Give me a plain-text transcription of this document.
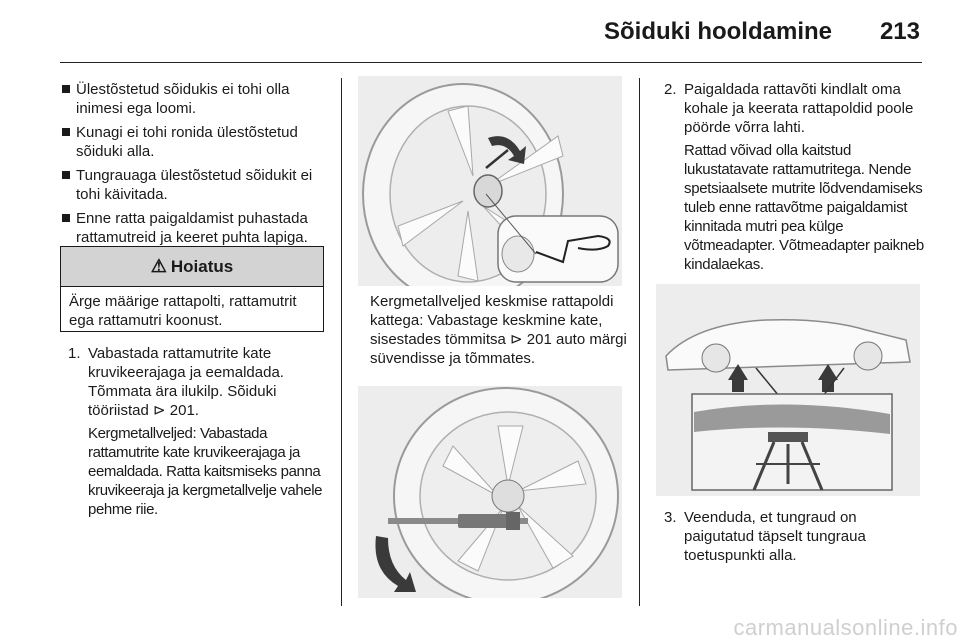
Sõiduki hooldamine 213
Ülestõstetud sõidukis ei tohi olla inimesi ega loomi.
Kunagi ei tohi ronida ülestõstetud sõiduki alla.
Tungrauaga ülestõstetud sõidukit ei tohi käivitada.
Enne ratta paigaldamist puhastada rattamutreid ja keeret puhta lapiga.
⚠ Hoiatus
Ärge määrige rattapolti, rattamutrit ega rattamutri koonust.
1. Vabastada rattamutrite kate kruvikeerajaga ja eemaldada. Tõmmata ära ilukilp. Sõiduki tööriistad ⊳ 201.

Kergmetallveljed: Vabastada rattamutrite kate kruvikeerajaga ja eemaldada. Ratta kaitsmiseks panna kruvikeeraja ja kergmetallvelje vahele pehme riie.

Kergmetallveljed keskmise rattapoldi kattega: Vabastage keskmine kate, sisestades tömmitsa ⊳ 201 auto märgi süvendisse ja tõmmates.
2. Paigaldada rattavõti kindlalt oma kohale ja keerata rattapoldid poole pöörde võrra lahti.

Rattad võivad olla kaitstud lukustatavate rattamutritega. Nende spetsiaalsete mutrite lõdvendamiseks tuleb enne rattavõtme paigaldamist kinnitada mutri pea külge võtmeadapter. Võtmeadapter paikneb kindalaekas.

3. Veenduda, et tungraud on paigutatud täpselt tungraua toetuspunkti alla.

carmanualsonline.info
